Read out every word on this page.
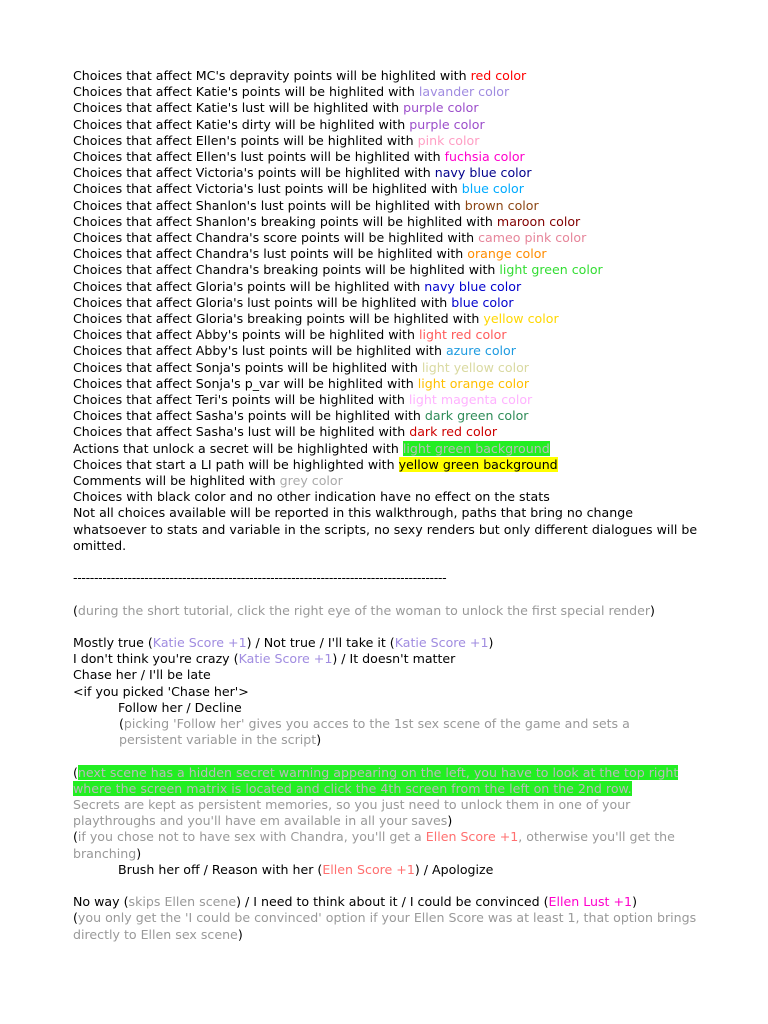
Choices that affect MC's depravity points will be highlited with red color
Choices that affect Katie's points will be highlited with lavander color
Choices that affect Katie's lust will be highlited with purple color
Choices that affect Katie's dirty will be highlited with purple color
Choices that affect Ellen's points will be highlited with pink color
Choices that affect Ellen's lust points will be highlited with fuchsia color
Choices that affect Victoria's points will be highlited with navy blue color
Choices that affect Victoria's lust points will be highlited with blue color
Choices that affect Shanlon's lust points will be highlited with brown color
Choices that affect Shanlon's breaking points will be highlited with maroon color
Choices that affect Chandra's score points will be highlited with cameo pink color
Choices that affect Chandra's lust points will be highlited with orange color
Choices that affect Chandra's breaking points will be highlited with light green color
Choices that affect Gloria's points will be highlited with navy blue color
Choices that affect Gloria's lust points will be highlited with blue color
Choices that affect Gloria's breaking points will be highlited with yellow color
Choices that affect Abby's points will be highlited with light red color
Choices that affect Abby's lust points will be highlited with azure color
Choices that affect Sonja's points will be highlited with light yellow color
Choices that affect Sonja's p_var will be highlited with light orange color
Choices that affect Teri's points will be highlited with light magenta color
Choices that affect Sasha's points will be highlited with dark green color
Choices that affect Sasha's lust will be highlited with dark red color
Actions that unlock a secret will be highlighted with light green background
Choices that start a LI path will be highlighted with yellow green background
Comments will be highlited with grey color
Choices with black color and no other indication have no effect on the stats
Not all choices available will be reported in this walkthrough, paths that bring no change whatsoever to stats and variable in the scripts, no sexy renders but only different dialogues will be omitted.
-----------------------------------------------------------------------------------------
(during the short tutorial, click the right eye of the woman to unlock the first special render)
Mostly true (Katie Score +1) / Not true / I'll take it (Katie Score +1)
I don't think you're crazy (Katie Score +1) / It doesn't matter
Chase her / I'll be late
<if you picked 'Chase her'>
Follow her / Decline
(picking 'Follow her' gives you acces to the 1st sex scene of the game and sets a persistent variable in the script)
(next scene has a hidden secret warning appearing on the left, you have to look at the top right where the screen matrix is located and click the 4th screen from the left on the 2nd row.
Secrets are kept as persistent memories, so you just need to unlock them in one of your playthroughs and you'll have em available in all your saves)
(if you chose not to have sex with Chandra, you'll get a Ellen Score +1, otherwise you'll get the branching)
Brush her off / Reason with her (Ellen Score +1) / Apologize
No way (skips Ellen scene) / I need to think about it / I could be convinced (Ellen Lust +1)
(you only get the 'I could be convinced' option if your Ellen Score was at least 1, that option brings directly to Ellen sex scene)
